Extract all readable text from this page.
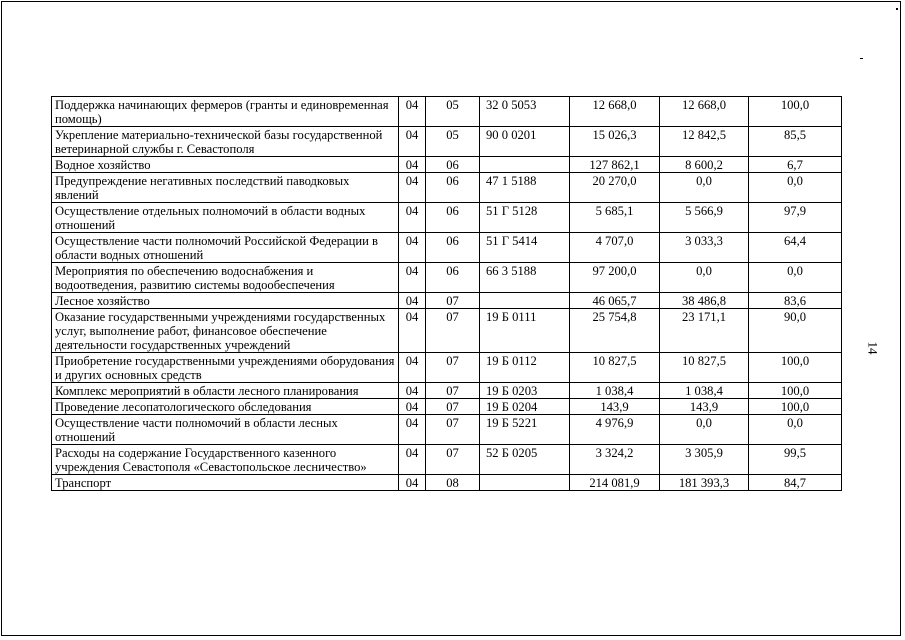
14
Поддержка начинающих фермеров (гранты и единовременная помощь)	04	05	32 0 5053	12 668,0	12 668,0	100,0
Укрепление материально-технической базы государственной ветеринарной службы г. Севастополя	04	05	90 0 0201	15 026,3	12 842,5	85,5
Водное хозяйство	04	06		127 862,1	8 600,2	6,7
Предупреждение негативных последствий паводковых явлений	04	06	47 1 5188	20 270,0	0,0	0,0
Осуществление отдельных полномочий в области водных отношений	04	06	51 Г 5128	5 685,1	5 566,9	97,9
Осуществление части полномочий Российской Федерации в области водных отношений	04	06	51 Г 5414	4 707,0	3 033,3	64,4
Мероприятия по обеспечению водоснабжения и водоотведения, развитию системы водообеспечения	04	06	66 3 5188	97 200,0	0,0	0,0
Лесное хозяйство	04	07		46 065,7	38 486,8	83,6
Оказание государственными учреждениями государственных услуг, выполнение работ, финансовое обеспечение деятельности государственных учреждений	04	07	19 Б 0111	25 754,8	23 171,1	90,0
Приобретение государственными учреждениями оборудования и других основных средств	04	07	19 Б 0112	10 827,5	10 827,5	100,0
Комплекс мероприятий в области лесного планирования	04	07	19 Б 0203	1 038,4	1 038,4	100,0
Проведение лесопатологического обследования	04	07	19 Б 0204	143,9	143,9	100,0
Осуществление части полномочий в области лесных отношений	04	07	19 Б 5221	4 976,9	0,0	0,0
Расходы на содержание Государственного казенного учреждения Севастополя «Севастопольское лесничество»	04	07	52 Б 0205	3 324,2	3 305,9	99,5
Транспорт	04	08		214 081,9	181 393,3	84,7
